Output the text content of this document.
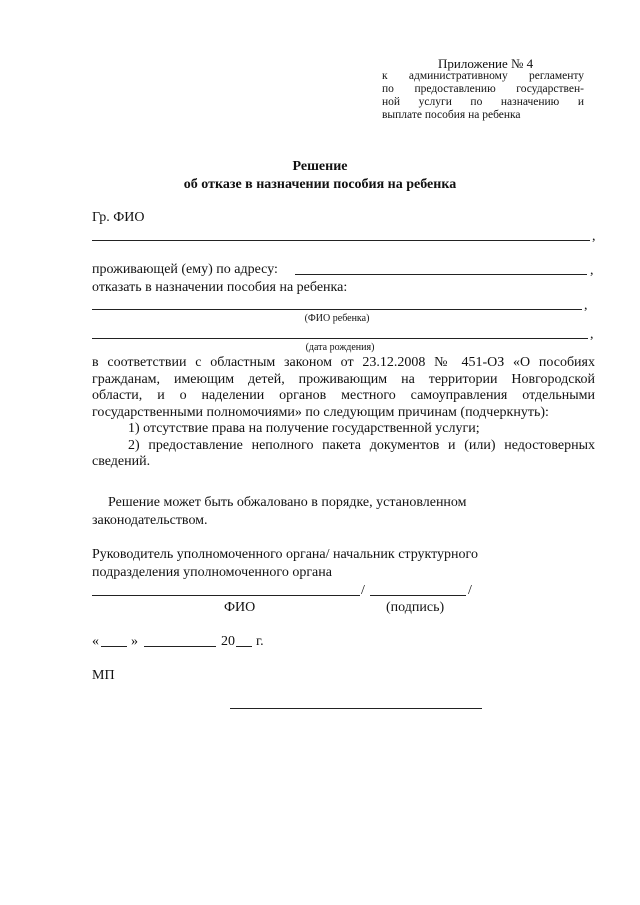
Приложение № 4
к административному регламенту
по предоставлению государствен-
ной услуги по назначению и
выплате пособия на ребенка
Решение
об отказе в назначении пособия на ребенка
Гр. ФИО
,
проживающей (ему) по адресу:	,
отказать в назначении пособия на ребенка:
,
(ФИО ребенка)
,
(дата рождения)
в соответствии с областным законом от 23.12.2008 № 451-ОЗ «О пособиях
гражданам, имеющим детей, проживающим на территории Новгородской
области, и о наделении органов местного самоуправления отдельными
государственными полномочиями» по следующим причинам (подчеркнуть):
1) отсутствие права на получение государственной услуги;
2) предоставление неполного пакета документов и (или) недостоверных
сведений.
Решение может быть обжаловано в порядке, установленном
законодательством.
Руководитель уполномоченного органа/ начальник структурного
подразделения уполномоченного органа
/	/
ФИО	(подпись)
« »	20 г.
МП
